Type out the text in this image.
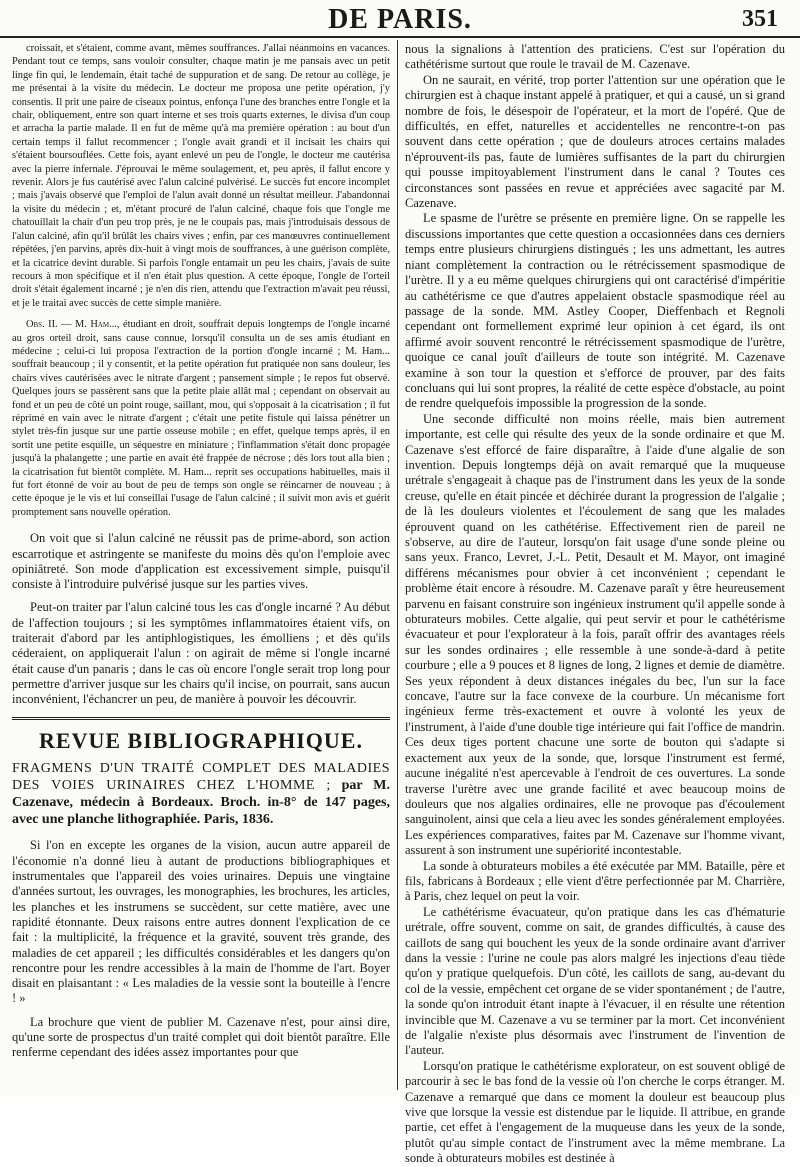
DE PARIS.	351

croissait, et s'étaient, comme avant, mêmes souffrances. J'allai néanmoins en vacances. Pendant tout ce temps, sans vouloir consulter, chaque matin je me pansais avec un petit linge fin qui, le lendemain, était taché de suppuration et de sang. De retour au collège, je me présentai à la visite du médecin. Le docteur me proposa une petite opération, j'y consentis. Il prit une paire de ciseaux pointus, enfonça l'une des branches entre l'ongle et la chair, obliquement, entre son quart interne et ses trois quarts externes, le divisa d'un coup et arracha la partie malade. Il en fut de même qu'à ma première opération : au bout d'un certain temps il fallut recommencer ; l'ongle avait grandi et il incisait les chairs qui s'étaient boursouflées. Cette fois, ayant enlevé un peu de l'ongle, le docteur me cautérisa avec la pierre infernale. J'éprouvai le même soulagement, et, peu après, il fallut encore y revenir. Alors je fus cautérisé avec l'alun calciné pulvérisé. Le succès fut encore incomplet ; mais j'avais observé que l'emploi de l'alun avait donné un résultat meilleur. J'abandonnai la visite du médecin ; et, m'étant procuré de l'alun calciné, chaque fois que l'ongle me chatouillait la chair d'un peu trop près, je ne le coupais pas, mais j'introduisais dessous de l'alun calciné, afin qu'il brûlât les chairs vives ; enfin, par ces manœuvres continuellement répétées, j'en parvins, après dix-huit à vingt mois de souffrances, à une guérison complète, et la cicatrice devint durable. Si parfois l'ongle entamait un peu les chairs, j'avais de suite recours à mon spécifique et il n'en était plus question. A cette époque, l'ongle de l'orteil droit s'était également incarné ; je n'en dis rien, attendu que l'extraction m'avait peu réussi, et je le traitai avec succès de cette simple manière.

Obs. II. — M. Ham..., étudiant en droit, souffrait depuis longtemps de l'ongle incarné au gros orteil droit, sans cause connue, lorsqu'il consulta un de ses amis étudiant en médecine ; celui-ci lui proposa l'extraction de la portion d'ongle incarné ; M. Ham... souffrait beaucoup ; il y consentit, et la petite opération fut pratiquée non sans douleur, les chairs vives cautérisées avec le nitrate d'argent ; pansement simple ; le repos fut observé. Quelques jours se passèrent sans que la petite plaie allât mal ; cependant on observait au fond et un peu de côté un point rouge, saillant, mou, qui s'opposait à la cicatrisation ; il fut réprimé en vain avec le nitrate d'argent ; c'était une petite fistule qui laissa pénétrer un stylet très-fin jusque sur une partie osseuse mobile ; en effet, quelque temps après, il en sortit une petite esquille, un séquestre en miniature ; l'inflammation s'était donc propagée jusqu'à la phalangette ; une partie en avait été frappée de nécrose ; dès lors tout alla bien ; la cicatrisation fut bientôt complète. M. Ham... reprit ses occupations habituelles, mais il fut fort étonné de voir au bout de peu de temps son ongle se réincarner de nouveau ; à cette époque je le vis et lui conseillai l'usage de l'alun calciné ; il suivit mon avis et guérit promptement sans nouvelle opération.

On voit que si l'alun calciné ne réussit pas de prime-abord, son action escarrotique et astringente se manifeste du moins dès qu'on l'emploie avec opiniâtreté. Son mode d'application est excessivement simple, puisqu'il consiste à l'introduire pulvérisé jusque sur les parties vives.

Peut-on traiter par l'alun calciné tous les cas d'ongle incarné ? Au début de l'affection toujours ; si les symptômes inflammatoires étaient vifs, on traiterait d'abord par les antiphlogistiques, les émolliens ; et dès qu'ils céderaient, on appliquerait l'alun : on agirait de même si l'ongle incarné était cause d'un panaris ; dans le cas où encore l'ongle serait trop long pour permettre d'arriver jusque sur les chairs qu'il incise, on pourrait, sans aucun inconvénient, l'échancrer un peu, de manière à pouvoir les découvrir.

REVUE BIBLIOGRAPHIQUE.

FRAGMENS D'UN TRAITÉ COMPLET DES MALADIES DES VOIES URINAIRES CHEZ L'HOMME ; par M. Cazenave, médecin à Bordeaux. Broch. in-8° de 147 pages, avec une planche lithographiée. Paris, 1836.

Si l'on en excepte les organes de la vision, aucun autre appareil de l'économie n'a donné lieu à autant de productions bibliographiques et instrumentales que l'appareil des voies urinaires. Depuis une vingtaine d'années surtout, les ouvrages, les monographies, les brochures, les articles, les planches et les instrumens se succèdent, sur cette matière, avec une rapidité étonnante. Deux raisons entre autres donnent l'explication de ce fait : la multiplicité, la fréquence et la gravité, souvent très grande, des maladies de cet appareil ; les difficultés considérables et les dangers qu'on rencontre pour les rendre accessibles à la main de l'homme de l'art. Boyer disait en plaisantant : « Les maladies de la vessie sont la bouteille à l'encre ! »

La brochure que vient de publier M. Cazenave n'est, pour ainsi dire, qu'une sorte de prospectus d'un traité complet qui doit bientôt paraître. Elle renferme cependant des idées assez importantes pour que

nous la signalions à l'attention des praticiens. C'est sur l'opération du cathétérisme surtout que roule le travail de M. Cazenave.

On ne saurait, en vérité, trop porter l'attention sur une opération que le chirurgien est à chaque instant appelé à pratiquer, et qui a causé, un si grand nombre de fois, le désespoir de l'opérateur, et la mort de l'opéré. Que de difficultés, en effet, naturelles et accidentelles ne rencontre-t-on pas souvent dans cette opération ; que de douleurs atroces certains malades n'éprouvent-ils pas, faute de lumières suffisantes de la part du chirurgien qui pousse impitoyablement l'instrument dans le canal ? Toutes ces circonstances sont passées en revue et appréciées avec sagacité par M. Cazenave.

Le spasme de l'urètre se présente en première ligne. On se rappelle les discussions importantes que cette question a occasionnées dans ces derniers temps entre plusieurs chirurgiens distingués ; les uns admettant, les autres niant complètement la contraction ou le rétrécissement spasmodique de l'urètre. Il y a eu même quelques chirurgiens qui ont caractérisé d'impéritie au cathétérisme ce que d'autres appelaient obstacle spasmodique réel au passage de la sonde. MM. Astley Cooper, Dieffenbach et Regnoli cependant ont formellement exprimé leur opinion à cet égard, ils ont affirmé avoir souvent rencontré le rétrécissement spasmodique de l'urètre, quoique ce canal jouît d'ailleurs de toute son intégrité. M. Cazenave examine à son tour la question et s'efforce de prouver, par des faits concluans qui lui sont propres, la réalité de cette espèce d'obstacle, au point de rendre quelquefois impossible la progression de la sonde.

Une seconde difficulté non moins réelle, mais bien autrement importante, est celle qui résulte des yeux de la sonde ordinaire et que M. Cazenave s'est efforcé de faire disparaître, à l'aide d'une algalie de son invention. Depuis longtemps déjà on avait remarqué que la muqueuse urétrale s'engageait à chaque pas de l'instrument dans les yeux de la sonde creuse, qu'elle en était pincée et déchirée durant la progression de l'algalie ; de là les douleurs violentes et l'écoulement de sang que les malades éprouvent quand on les cathétérise. Effectivement rien de pareil ne s'observe, au dire de l'auteur, lorsqu'on fait usage d'une sonde pleine ou sans yeux. Franco, Levret, J.-L. Petit, Desault et M. Mayor, ont imaginé différens mécanismes pour obvier à cet inconvénient ; cependant le problème était encore à résoudre. M. Cazenave paraît y être heureusement parvenu en faisant construire son ingénieux instrument qu'il appelle sonde à obturateurs mobiles. Cette algalie, qui peut servir et pour le cathétérisme évacuateur et pour l'explorateur à la fois, paraît offrir des avantages réels sur les sondes ordinaires ; elle ressemble à une sonde-à-dard à petite courbure ; elle a 9 pouces et 8 lignes de long, 2 lignes et demie de diamètre. Ses yeux répondent à deux distances inégales du bec, l'un sur la face concave, l'autre sur la face convexe de la courbure. Un mécanisme fort ingénieux ferme très-exactement et ouvre à volonté les yeux de l'instrument, à l'aide d'une double tige intérieure qui fait l'office de mandrin. Ces deux tiges portent chacune une sorte de bouton qui s'adapte si exactement aux yeux de la sonde, que, lorsque l'instrument est fermé, aucune inégalité n'est apercevable à l'endroit de ces ouvertures. La sonde traverse l'urètre avec une grande facilité et avec beaucoup moins de douleurs que nos algalies ordinaires, elle ne provoque pas d'écoulement sanguinolent, ainsi que cela a lieu avec les sondes généralement employées. Les expériences comparatives, faites par M. Cazenave sur l'homme vivant, assurent à son instrument une supériorité incontestable.

La sonde à obturateurs mobiles a été exécutée par MM. Bataille, père et fils, fabricans à Bordeaux ; elle vient d'être perfectionnée par M. Charrière, à Paris, chez lequel on peut la voir.

Le cathétérisme évacuateur, qu'on pratique dans les cas d'hématurie urétrale, offre souvent, comme on sait, de grandes difficultés, à cause des caillots de sang qui bouchent les yeux de la sonde ordinaire avant d'arriver dans la vessie : l'urine ne coule pas alors malgré les injections d'eau tiède qu'on y pratique quelquefois. D'un côté, les caillots de sang, au-devant du col de la vessie, empêchent cet organe de se vider spontanément ; de l'autre, la sonde qu'on introduit étant inapte à l'évacuer, il en résulte une rétention invincible que M. Cazenave a vu se terminer par la mort. Cet inconvénient de l'algalie n'existe plus désormais avec l'instrument de l'invention de l'auteur.

Lorsqu'on pratique le cathétérisme explorateur, on est souvent obligé de parcourir à sec le bas fond de la vessie où l'on cherche le corps étranger. M. Cazenave a remarqué que dans ce moment la douleur est beaucoup plus vive que lorsque la vessie est distendue par le liquide. Il attribue, en grande partie, cet effet à l'engagement de la muqueuse dans les yeux de la sonde, plutôt qu'au simple contact de l'instrument avec la même membrane. La sonde à obturateurs mobiles est destinée à
